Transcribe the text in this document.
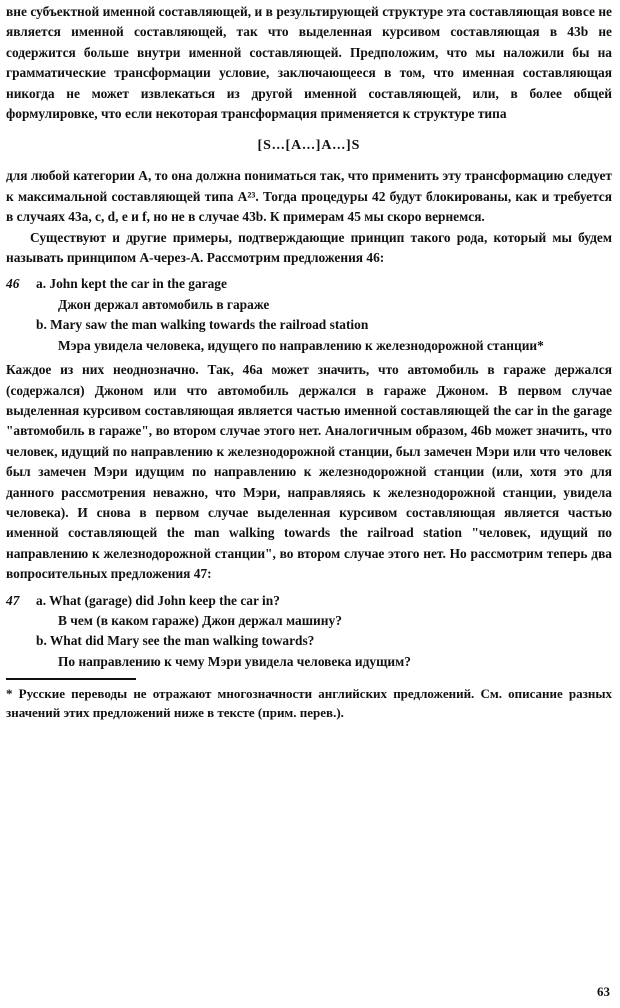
вне субъектной именной составляющей, и в результирующей структуре эта составляющая вовсе не является именной составляющей, так что выделенная курсивом составляющая в 43b не содержится больше внутри именной составляющей. Предположим, что мы наложили бы на грамматические трансформации условие, заключающееся в том, что именная составляющая никогда не может извлекаться из другой именной составляющей, или, в более общей формулировке, что если некоторая трансформация применяется к структуре типа

[S...[A...]A...]S

для любой категории A, то она должна пониматься так, что применить эту трансформацию следует к максимальной составляющей типа A²³. Тогда процедуры 42 будут блокированы, как и требуется в случаях 43a, c, d, e и f, но не в случае 43b. К примерам 45 мы скоро вернемся.

Существуют и другие примеры, подтверждающие принцип такого рода, который мы будем называть принципом A-через-A. Рассмотрим предложения 46:

46	a. John kept the car in the garage
Джон держал автомобиль в гараже
b. Mary saw the man walking towards the railroad station
Мэра увидела человека, идущего по направлению к железнодорожной станции*

Каждое из них неоднозначно. Так, 46a может значить, что автомобиль в гараже держался (содержался) Джоном или что автомобиль держался в гараже Джоном. В первом случае выделенная курсивом составляющая является частью именной составляющей the car in the garage "автомобиль в гараже", во втором случае этого нет. Аналогичным образом, 46b может значить, что человек, идущий по направлению к железнодорожной станции, был замечен Мэри или что человек был замечен Мэри идущим по направлению к железнодорожной станции (или, хотя это для данного рассмотрения неважно, что Мэри, направляясь к железнодорожной станции, увидела человека). И снова в первом случае выделенная курсивом составляющая является частью именной составляющей the man walking towards the railroad station "человек, идущий по направлению к железнодорожной станции", во втором случае этого нет. Но рассмотрим теперь два вопросительных предложения 47:

47	a. What (garage) did John keep the car in?
В чем (в каком гараже) Джон держал машину?
b. What did Mary see the man walking towards?
По направлению к чему Мэри увидела человека идущим?

* Русские переводы не отражают многозначности английских предложений. См. описание разных значений этих предложений ниже в тексте (прим. перев.).

63
